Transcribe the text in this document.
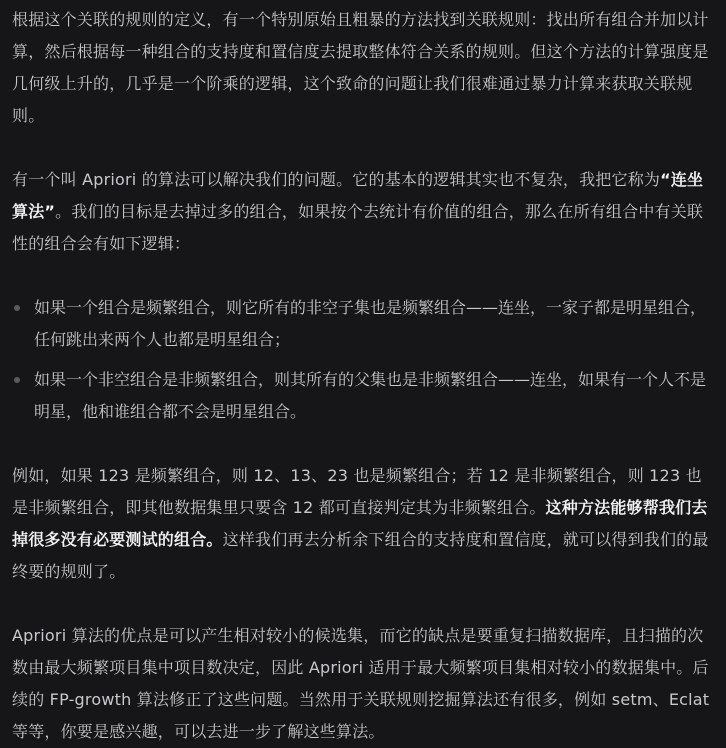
根据这个关联的规则的定义，有一个特别原始且粗暴的方法找到关联规则：找出所有组合并加以计算，然后根据每一种组合的支持度和置信度去提取整体符合关系的规则。但这个方法的计算强度是几何级上升的，几乎是一个阶乘的逻辑，这个致命的问题让我们很难通过暴力计算来获取关联规则。

有一个叫 Apriori 的算法可以解决我们的问题。它的基本的逻辑其实也不复杂，我把它称为“连坐算法”。我们的目标是去掉过多的组合，如果按个去统计有价值的组合，那么在所有组合中有关联性的组合会有如下逻辑：

如果一个组合是频繁组合，则它所有的非空子集也是频繁组合——连坐，一家子都是明星组合，任何跳出来两个人也都是明星组合；
如果一个非空组合是非频繁组合，则其所有的父集也是非频繁组合——连坐，如果有一个人不是明星，他和谁组合都不会是明星组合。

例如，如果 123 是频繁组合，则 12、13、23 也是频繁组合；若 12 是非频繁组合，则 123 也是非频繁组合，即其他数据集里只要含 12 都可直接判定其为非频繁组合。这种方法能够帮我们去掉很多没有必要测试的组合。这样我们再去分析余下组合的支持度和置信度，就可以得到我们的最终要的规则了。

Apriori 算法的优点是可以产生相对较小的候选集，而它的缺点是要重复扫描数据库，且扫描的次数由最大频繁项目集中项目数决定，因此 Apriori 适用于最大频繁项目集相对较小的数据集中。后续的 FP-growth 算法修正了这些问题。当然用于关联规则挖掘算法还有很多，例如 setm、Eclat 等等，你要是感兴趣，可以去进一步了解这些算法。
